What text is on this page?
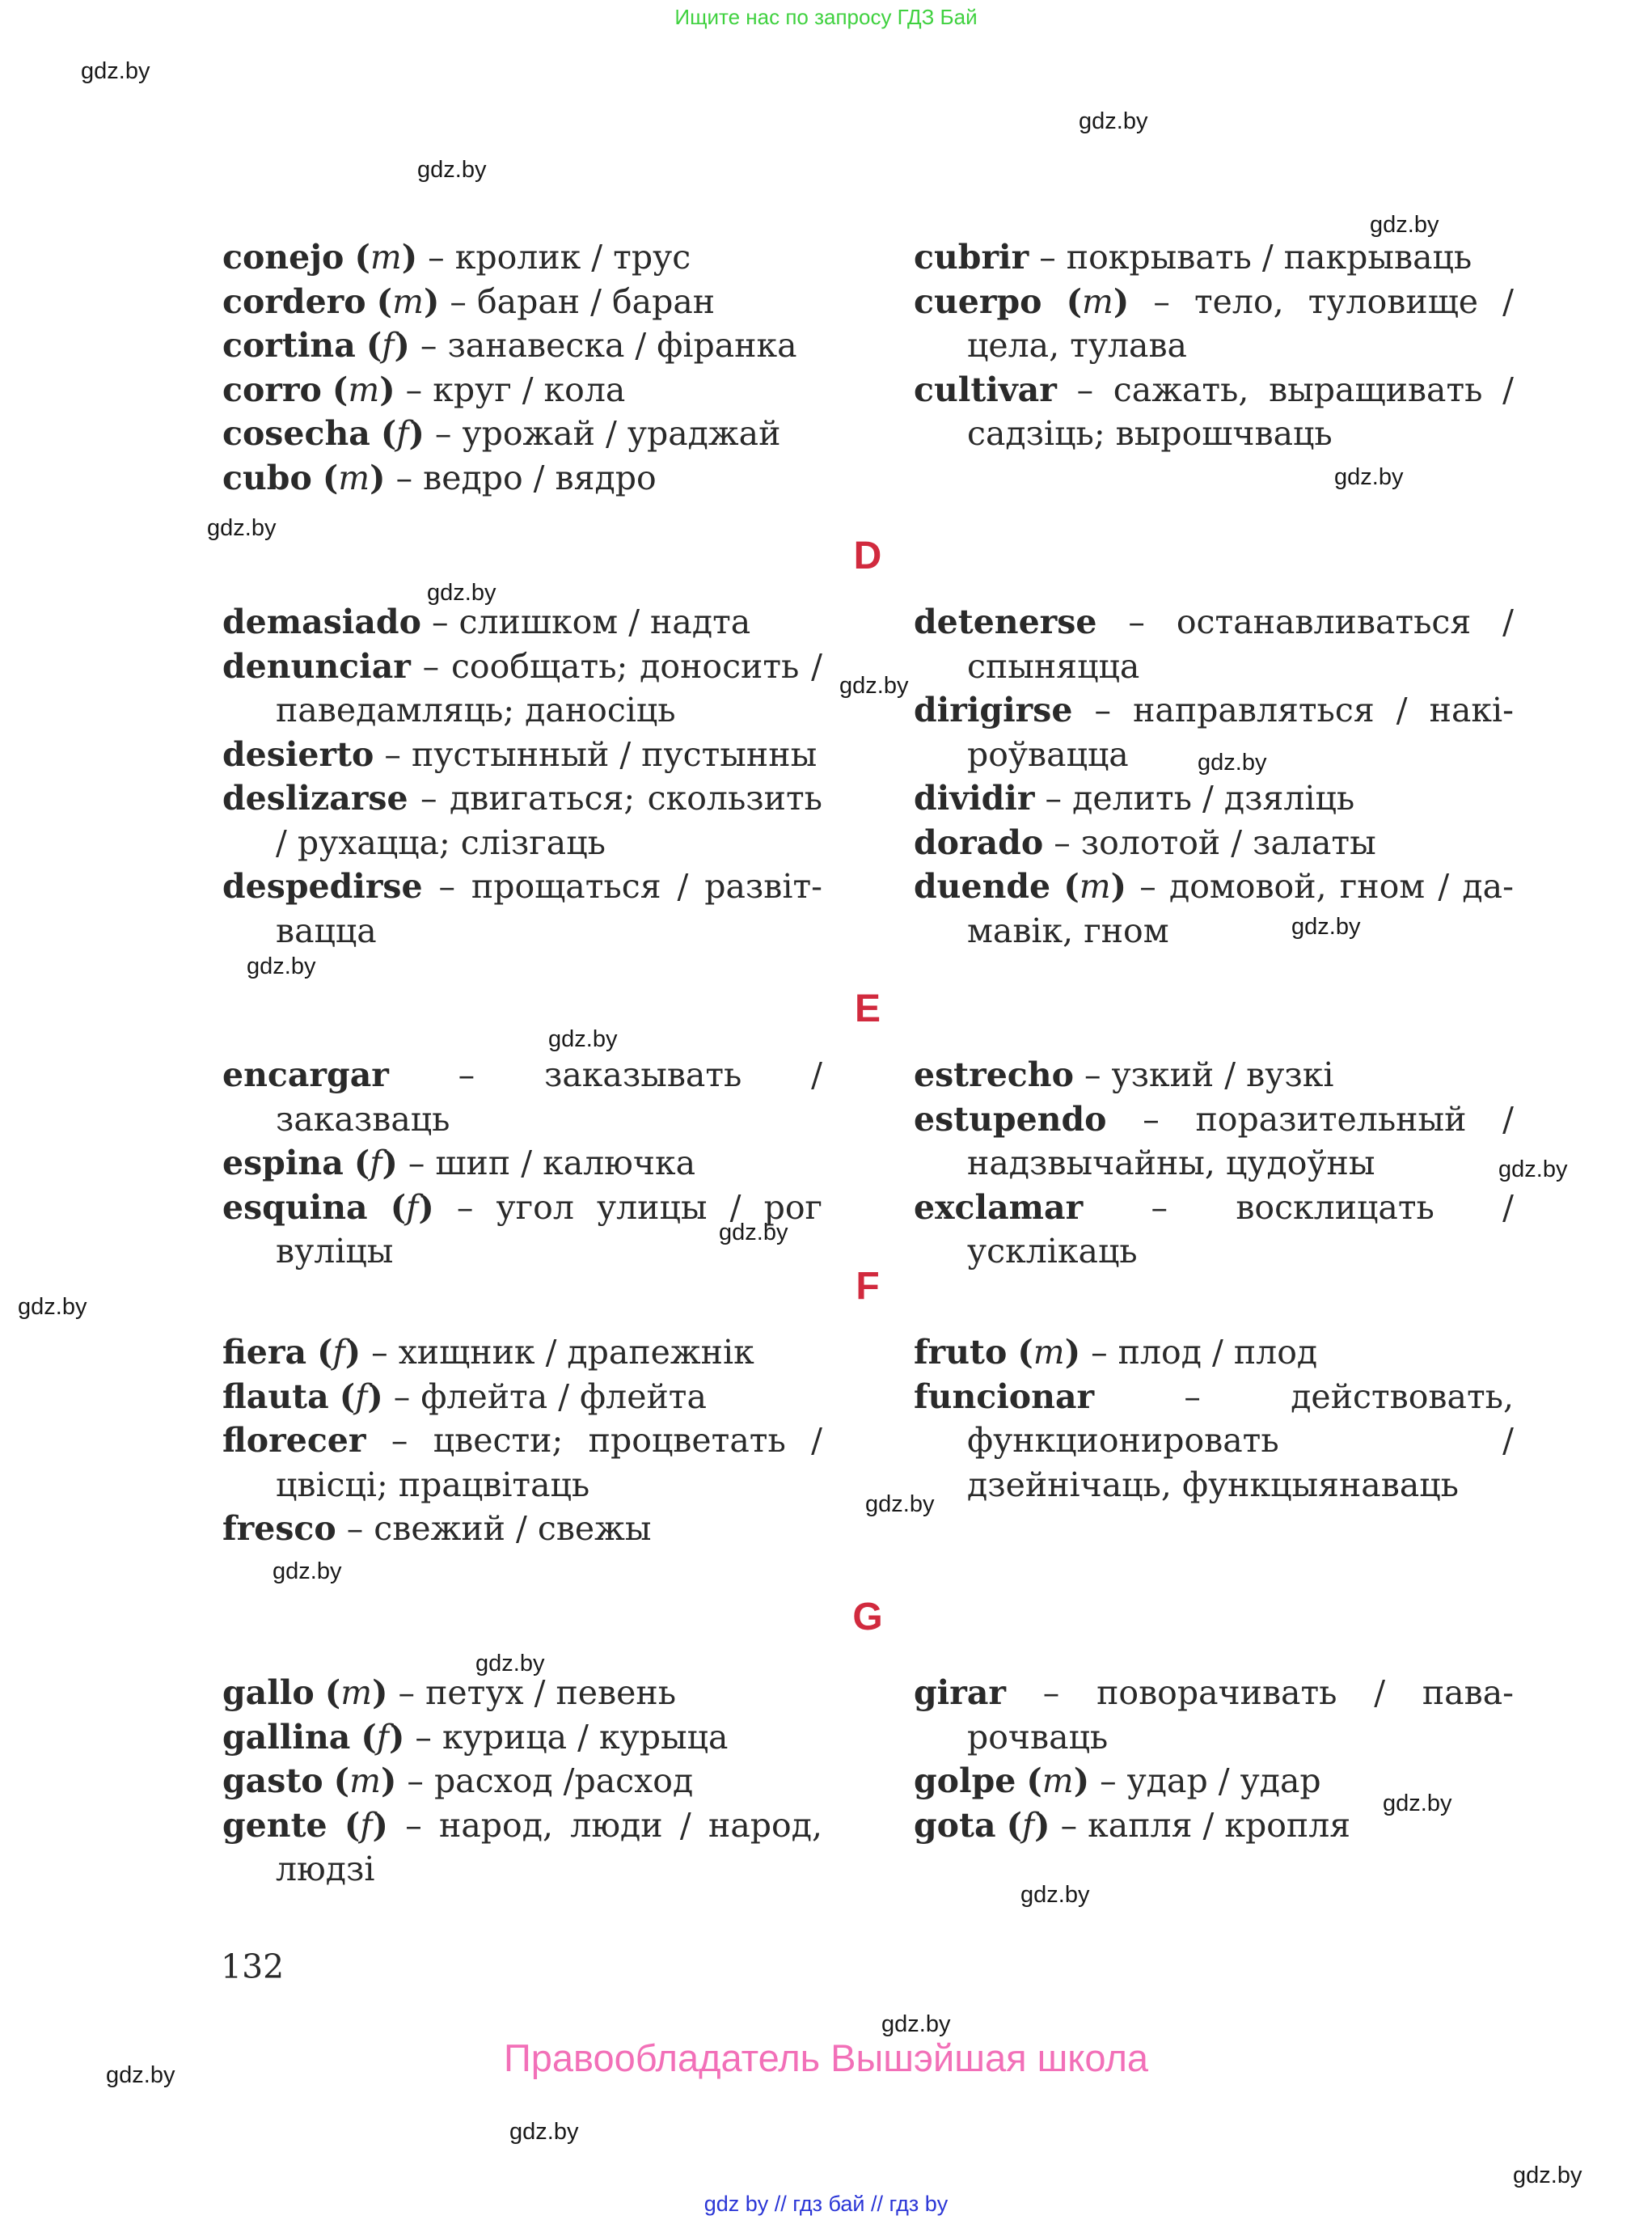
Ищите нас по запросу ГДЗ Бай
gdz.by
gdz.by
gdz.by
gdz.by
gdz.by
gdz.by
gdz.by
gdz.by
gdz.by
gdz.by
gdz.by
gdz.by
gdz.by
gdz.by
gdz.by
gdz.by
gdz.by
gdz.by
gdz.by
gdz.by
gdz.by
gdz.by
gdz.by
gdz.by
D
E
F
G
conejo (m) – кролик / трус
cordero (m) – баран / баран
cortina (f) – занавеска / фіранка
corro (m) – круг / кола
cosecha (f) – урожай / ураджай
cubo (m) – ведро / вядро
cubrir – покрывать / пакрываць
cuerpo (m) – тело, туловище / цела, тулава
cultivar – сажать, выращивать / садзіць; вырошчваць
demasiado – слишком / надта
denunciar – сообщать; доносить / паведамляць; даносіць
desierto – пустынный / пустынны
deslizarse – двигаться; скользить / рухацца; слізгаць
despedirse – прощаться / развітвацца
detenerse – останавливаться / спыняцца
dirigirse – направляться / накіроўвацца
dividir – делить / дзяліць
dorado – золотой / залаты
duende (m) – домовой, гном / дамавік, гном
encargar – заказывать / заказваць
espina (f) – шип / калючка
esquina (f) – угол улицы / рог вуліцы
estrecho – узкий / вузкі
estupendo – поразительный / надзвычайны, цудоўны
exclamar – восклицать / усклікаць
fiera (f) – хищник / драпежнік
flauta (f) – флейта / флейта
florecer – цвести; процветать / цвісці; працвітаць
fresco – свежий / свежы
fruto (m) – плод / плод
funcionar – действовать, функционировать / дзейнічаць, функцыянаваць
gallo (m) – петух / певень
gallina (f) – курица / курыца
gasto (m) – расход /расход
gente (f) – народ, люди / народ, людзі
girar – поворачивать / паварочваць
golpe (m) – удар / удар
gota (f) – капля / кропля
132
Правообладатель Вышэйшая школа
gdz by // гдз бай // гдз by
